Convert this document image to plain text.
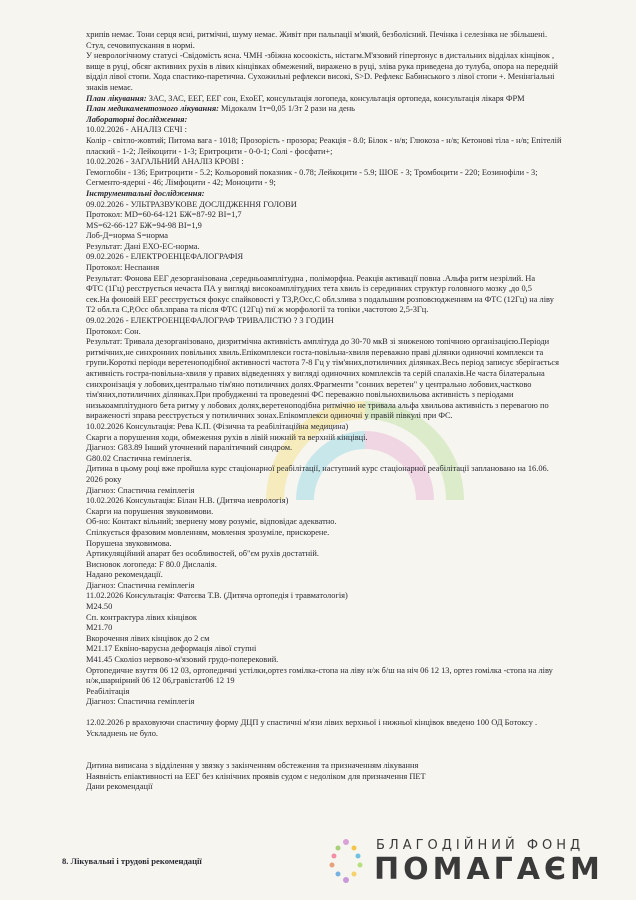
хрипів немає. Тони серця ясні, ритмічні, шуму немає. Живіт при пальпації м'який, безболісний. Печінка і селезінка не збільшені.
Стул, сечовипускання в нормі.
У неврологічному статусі -Свідомість ясна. ЧМН -збіжна косоокість, ністагм.М'язовий гіпертонус в дистальних відділах кінцівок ,
вище в руці, обсяг активних рухів в лівих кінцівках обмежений, виражено в руці, зліва рука приведена до тулуба, опора на передній
відділ лівої стопи. Хода спастико-паретична. Сухожильні рефлекси високі, S>D. Рефлекс Бабинського з лівої стопи +. Менінгіальні
знаків немає.
План лікування: ЗАС, ЗАС, ЕЕГ, ЕЕГ сон, ЕхоЕГ, консультація логопеда, консультація ортопеда, консультація лікаря ФРМ
План медикаментозного лікування: Мідокалм 1т=0,05 1/3т 2 рази на день
Лабораторні дослідження:
10.02.2026 - АНАЛІЗ СЕЧІ :
Колір - світло-жовтий; Питома вага - 1018; Прозорість - прозора; Реакція - 8.0; Білок - н/в; Глюкоза - н/в; Кетонові тіла - н/в; Епітелій
плаский - 1-2; Лейкоцити - 1-3; Еритроцити - 0-0-1; Солі - фосфати+;
10.02.2026 - ЗАГАЛЬНИЙ АНАЛІЗ КРОВІ :
Гемоглобін - 136; Еритроцити - 5.2; Кольоровий показник - 0.78; Лейкоцити - 5.9; ШОЕ - 3; Тромбоцити - 220; Еозинофіли - 3;
Сегменто-ядерні - 46; Лімфоцити - 42; Моноцити - 9;
Інструментальні дослідження:
09.02.2026 - УЛЬТРАЗВУКОВЕ ДОСЛІДЖЕННЯ ГОЛОВИ
Протокол: MD=60-64-121 БЖ=87-92 BI=1,7
MS=62-66-127 БЖ=94-98 BI=1,9
Лоб-Д=норма S=норма
Результат: Дані ЕХО-ЕС-норма.
09.02.2026 - ЕЛЕКТРОЕНЦЕФАЛОГРАФІЯ
Протокол: Неспання
Результат: Фонова ЕЕГ дезорганізована ,середньоамплітудна , поліморфна. Реакція активації повна .Альфа ритм незрілий. На
ФТС (1Гц) реєструється нечаста ПА у вигляді високоамплітудних тета хвиль із серединних структур головного мозку ,до 0,5
сек.На фоновій ЕЕГ реєструється фокус спайковості у Т3,Р,Осс,С обл.злива з подальшим розповсюдженням на ФТС (12Гц) на ліву
Т2 обл.та С,Р,Осс обл.зправа та після ФТС (12Гц) тиї ж морфології та топіки ,частотою 2,5-3Гц.
09.02.2026 - ЕЛЕКТРОЕНЦЕФАЛОГРАФ ТРИВАЛІСТЮ ? 3 ГОДИН
Протокол: Сон.
Результат: Тривала дезорганізовано, дизритмічна активність амплітуда до 30-70 мкВ зі зниженою топічною організацією.Періоди
ритмічних,не синхронних повільних хвиль.Епікомплекси госта-повільна-хвиля переважно праві ділянки одиночні комплекси та
групи.Короткі періоди веретеноподібної активності частота 7-8 Гц у тім'яних,потиличних ділянках.Весь період записує зберігається
активність гостра-повільна-хвиля у правих відведеннях у вигляді одиночних комплексів та серій спалахів.Не часта білатеральна
синхронізація у лобових,центрально тім'яно потиличних долях.Фрагменти "сонних веретен" у центрально лобових,частково
тім'яних,потиличних ділянках.При пробудженні та проведенні ФС переважно повільнохвильова активність з періодами
низькоамплітудного бета ритму у лобових долях,веретеноподібна ритмічно не тривала альфа хвильова активність з перевагою по
вираженості зправа реєструється у потиличних зонах.Епікомплекси одиночні у правій півкулі при ФС.
10.02.2026 Консультація: Рева К.П. (Фізична та реабілітаційна медицина)
Скарги а порушення ходи, обмеження рухів в лівій нижній та верхній кінцівці.
Діагноз: G83.89 Інший уточнений паралітичний синдром.
G80.02 Спастична геміплегія.
Дитина в цьому році вже пройшла курс стаціонарної реабілітації, наступний курс стаціонарної реабілітації заплановано на 16.06.
2026 року
Діагноз: Спастична геміплегія
10.02.2026 Консультація: Білан Н.В. (Дитяча неврологія)
Скарги на порушення звуковимови.
Об-но: Контакт вільний; звернену мову розуміє, відповідає адекватно.
Спілкується фразовим мовленням, мовлення зрозуміле, прискорене.
Порушена звуковимова.
Артикуляційний апарат без особливостей, об"єм рухів достатній.
Висновок логопеда: F 80.0 Дислалія.
Надано рекомендації.
Діагноз: Спастична геміплегія
11.02.2026 Консультація: Фатєєва Т.В. (Дитяча ортопедія і травматологія)
M24.50
Сп. контрактура лівих кінцівок
M21.70
Вкорочення лівих кінцівок до 2 см
M21.17 Еквіно-варусна деформація лівої ступні
M41.45 Сколіоз нервово-м'язовий грудо-поперековий.
Ортопедичне взуття 06 12 03, ортопедичні устілки,ортез гомілка-стопа на ліву н/ж б/ш на ніч 06 12 13, ортез гомілка -стопа на ліву
н/ж,шарнірний 06 12 06,гравістат06 12 19
Реабілітація
Діагноз: Спастична геміплегія
12.02.2026 р враховуючи спастичну форму ДЦП у спастичні м'язи лівих верхньої і нижньої кінцівок введено 100 ОД Ботоксу .
Ускладнень не було.
Дитина виписана з відділення у звязку з закінченням обстеження та призначенням лікування
Наявність епіактивності на ЕЕГ без клінічних проявів судом є недоліком для призначення ПЕТ
Дани рекомендації
8. Лікувальні і трудові рекомендації
БЛАГОДІЙНИЙ ФОНД
ПОМАГАЄМ
